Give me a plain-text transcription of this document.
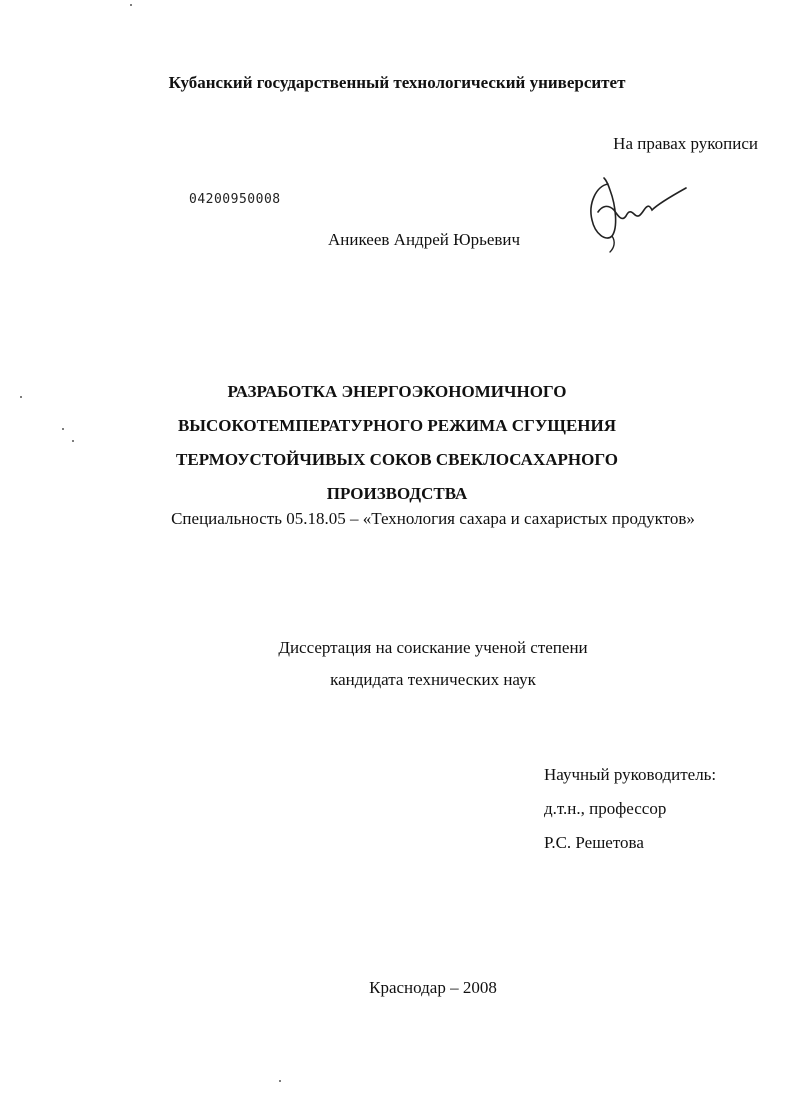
Кубанский государственный технологический университет
На правах рукописи
04200950008
Аникеев Андрей Юрьевич
РАЗРАБОТКА ЭНЕРГОЭКОНОМИЧНОГО
ВЫСОКОТЕМПЕРАТУРНОГО РЕЖИМА СГУЩЕНИЯ
ТЕРМОУСТОЙЧИВЫХ СОКОВ СВЕКЛОСАХАРНОГО
ПРОИЗВОДСТВА
Специальность 05.18.05 – «Технология сахара и сахаристых продуктов»
Диссертация на соискание ученой степени
кандидата технических наук
Научный руководитель:
д.т.н., профессор
Р.С. Решетова
Краснодар – 2008
